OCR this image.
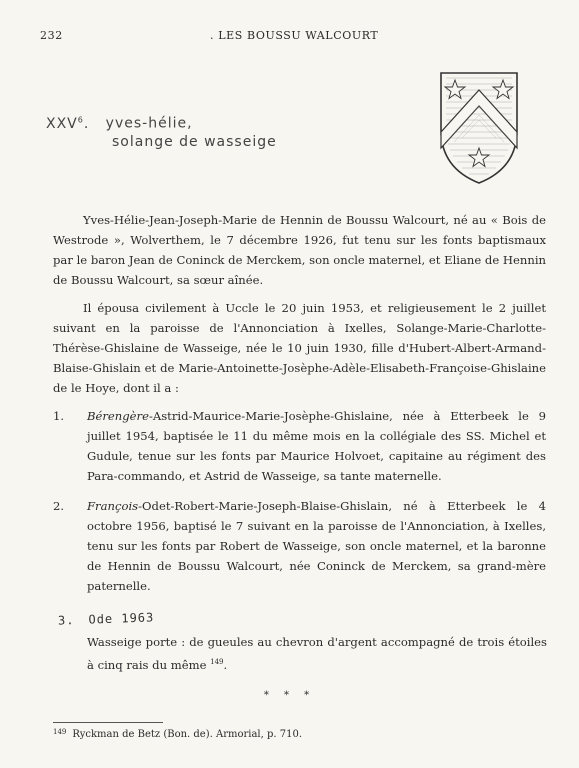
232	. LES BOUSSU WALCOURT
XXV$^6$. yves-hélie,
solange de wasseige

Yves-Hélie-Jean-Joseph-Marie de Hennin de Boussu Walcourt, né au « Bois de Westrode », Wolverthem, le 7 décembre 1926, fut tenu sur les fonts baptismaux par le baron Jean de Coninck de Merckem, son oncle maternel, et Eliane de Hennin de Boussu Walcourt, sa sœur aînée.

Il épousa civilement à Uccle le 20 juin 1953, et religieusement le 2 juillet suivant en la paroisse de l'Annonciation à Ixelles, Solange-Marie-Charlotte-Thérèse-Ghislaine de Wasseige, née le 10 juin 1930, fille d'Hubert-Albert-Armand-Blaise-Ghislain et de Marie-Antoinette-Josèphe-Adèle-Elisabeth-Françoise-Ghislaine de le Hoye, dont il a :

1.	Bérengère-Astrid-Maurice-Marie-Josèphe-Ghislaine, née à Etterbeek le 9 juillet 1954, baptisée le 11 du même mois en la collégiale des SS. Michel et Gudule, tenue sur les fonts par Maurice Holvoet, capitaine au régiment des Para-commando, et Astrid de Wasseige, sa tante maternelle.
2.	François-Odet-Robert-Marie-Joseph-Blaise-Ghislain, né à Etterbeek le 4 octobre 1956, baptisé le 7 suivant en la paroisse de l'Annonciation, à Ixelles, tenu sur les fonts par Robert de Wasseige, son oncle maternel, et la baronne de Hennin de Boussu Walcourt, née Coninck de Merckem, sa grand-mère paternelle.
3. Ode 1963
Wasseige porte : de gueules au chevron d'argent accompagné de trois étoiles à cinq rais du même $^{149}$.
* * *
$^{149}$ Ryckman de Betz (Bon. de). Armorial, p. 710.
